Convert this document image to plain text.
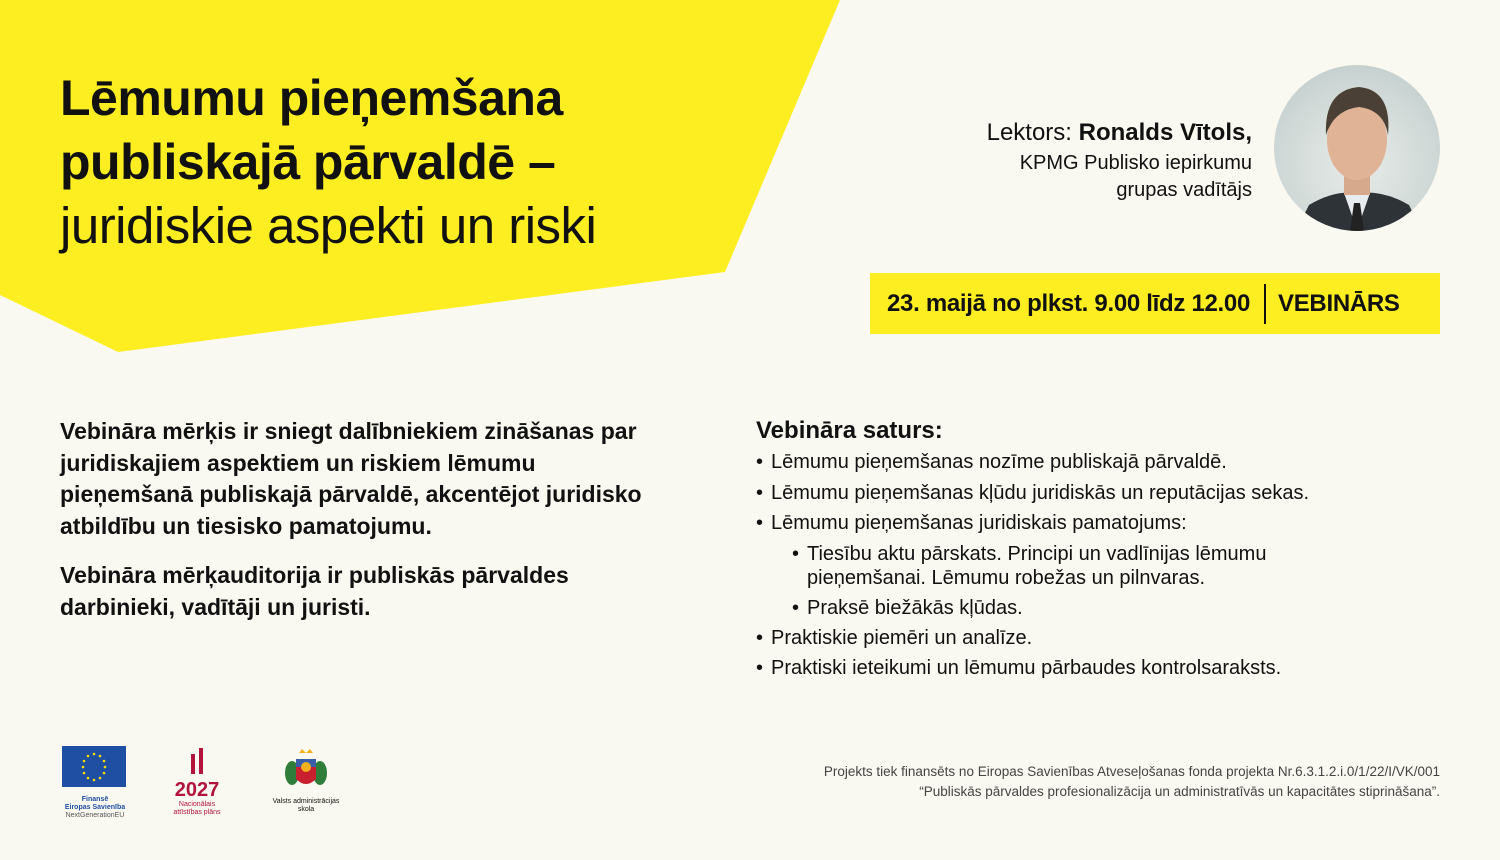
Lēmumu pieņemšana
publiskajā pārvaldē –
juridiskie aspekti un riski
Lektors: Ronalds Vītols,
KPMG Publisko iepirkumu
grupas vadītājs
23. maijā no plkst. 9.00 līdz 12.00 VEBINĀRS

Vebināra mērķis ir sniegt dalībniekiem zināšanas par juridiskajiem aspektiem un riskiem lēmumu pieņemšanā publiskajā pārvaldē, akcentējot juridisko atbildību un tiesisko pamatojumu.

Vebināra mērķauditorija ir publiskās pārvaldes darbinieki, vadītāji un juristi.

Vebināra saturs:
• Lēmumu pieņemšanas nozīme publiskajā pārvaldē.
• Lēmumu pieņemšanas kļūdu juridiskās un reputācijas sekas.
• Lēmumu pieņemšanas juridiskais pamatojums:
• Tiesību aktu pārskats. Principi un vadlīnijas lēmumu pieņemšanai. Lēmumu robežas un pilnvaras.
• Praksē biežākās kļūdas.
• Praktiskie piemēri un analīze.
• Praktiski ieteikumi un lēmumu pārbaudes kontrolsaraksts.
Finansē
Eiropas Savienība
NextGenerationEU
2027
Nacionālais
attīstības plāns
Valsts administrācijas
skola
Projekts tiek finansēts no Eiropas Savienības Atveseļošanas fonda projekta Nr.6.3.1.2.i.0/1/22/I/VK/001
“Publiskās pārvaldes profesionalizācija un administratīvās un kapacitātes stiprināšana”.
